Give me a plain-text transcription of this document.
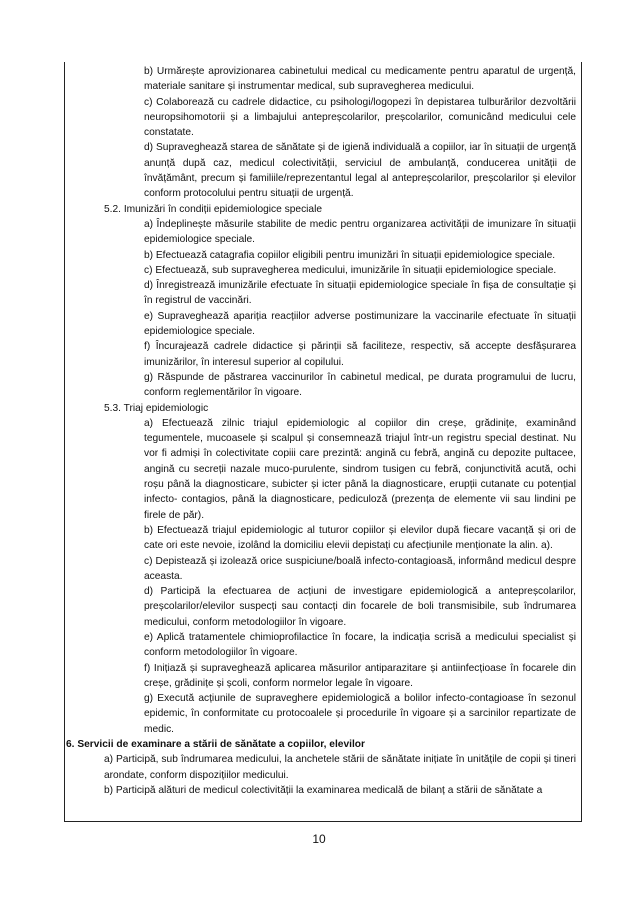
b) Urmărește aprovizionarea cabinetului medical cu medicamente pentru aparatul de urgență, materiale sanitare și instrumentar medical, sub supravegherea medicului.

c) Colaborează cu cadrele didactice, cu psihologi/logopezi în depistarea tulburărilor dezvoltării neuropsihomotorii și a limbajului antepreșcolarilor, preșcolarilor, comunicând medicului cele constatate.

d) Supraveghează starea de sănătate și de igienă individuală a copiilor, iar în situații de urgență anunță după caz, medicul colectivității, serviciul de ambulanță, conducerea unității de învățământ, precum și familiile/reprezentantul legal al antepreșcolarilor, preșcolarilor și elevilor conform protocolului pentru situații de urgență.

5.2. Imunizări în condiții epidemiologice speciale

a) Îndeplinește măsurile stabilite de medic pentru organizarea activității de imunizare în situații epidemiologice speciale.

b) Efectuează catagrafia copiilor eligibili pentru imunizări în situații epidemiologice speciale.

c) Efectuează, sub supravegherea medicului, imunizările în situații epidemiologice speciale.

d) Înregistrează imunizările efectuate în situații epidemiologice speciale în fișa de consultație și în registrul de vaccinări.

e) Supraveghează apariția reacțiilor adverse postimunizare la vaccinarile efectuate în situații epidemiologice speciale.

f) Încurajează cadrele didactice și părinții să faciliteze, respectiv, să accepte desfășurarea imunizărilor, în interesul superior al copilului.

g) Răspunde de păstrarea vaccinurilor în cabinetul medical, pe durata programului de lucru, conform reglementărilor în vigoare.

5.3. Triaj epidemiologic

a) Efectuează zilnic triajul epidemiologic al copiilor din creșe, grădinițe, examinând tegumentele, mucoasele și scalpul și consemnează triajul într-un registru special destinat. Nu vor fi admiși în colectivitate copiii care prezintă: angină cu febră, angină cu depozite pultacee, angină cu secreții nazale muco-purulente, sindrom tusigen cu febră, conjunctivită acută, ochi roșu până la diagnosticare, subicter și icter până la diagnosticare, erupții cutanate cu potențial infecto- contagios, până la diagnosticare, pediculoză (prezența de elemente vii sau lindini pe firele de păr).

b) Efectuează triajul epidemiologic al tuturor copiilor și elevilor după fiecare vacanță și ori de cate ori este nevoie, izolând la domiciliu elevii depistați cu afecțiunile menționate la alin. a).

c) Depistează și izolează orice suspiciune/boală infecto-contagioasă, informând medicul despre aceasta.

d) Participă la efectuarea de acțiuni de investigare epidemiologică a antepreșcolarilor, preșcolarilor/elevilor suspecți sau contacți din focarele de boli transmisibile, sub îndrumarea medicului, conform metodologiilor în vigoare.

e) Aplică tratamentele chimioprofilactice în focare, la indicația scrisă a medicului specialist și conform metodologiilor în vigoare.

f) Inițiază și supraveghează aplicarea măsurilor antiparazitare și antiinfecțioase în focarele din creșe, grădinițe și școli, conform normelor legale în vigoare.

g) Execută acțiunile de supraveghere epidemiologică a bolilor infecto-contagioase în sezonul epidemic, în conformitate cu protocoalele și procedurile în vigoare și a sarcinilor repartizate de medic.

6. Servicii de examinare a stării de sănătate a copiilor, elevilor

a) Participă, sub îndrumarea medicului, la anchetele stării de sănătate inițiate în unitățile de copii și tineri arondate, conform dispozițiilor medicului.

b) Participă alături de medicul colectivității la examinarea medicală de bilanț a stării de sănătate a

10
